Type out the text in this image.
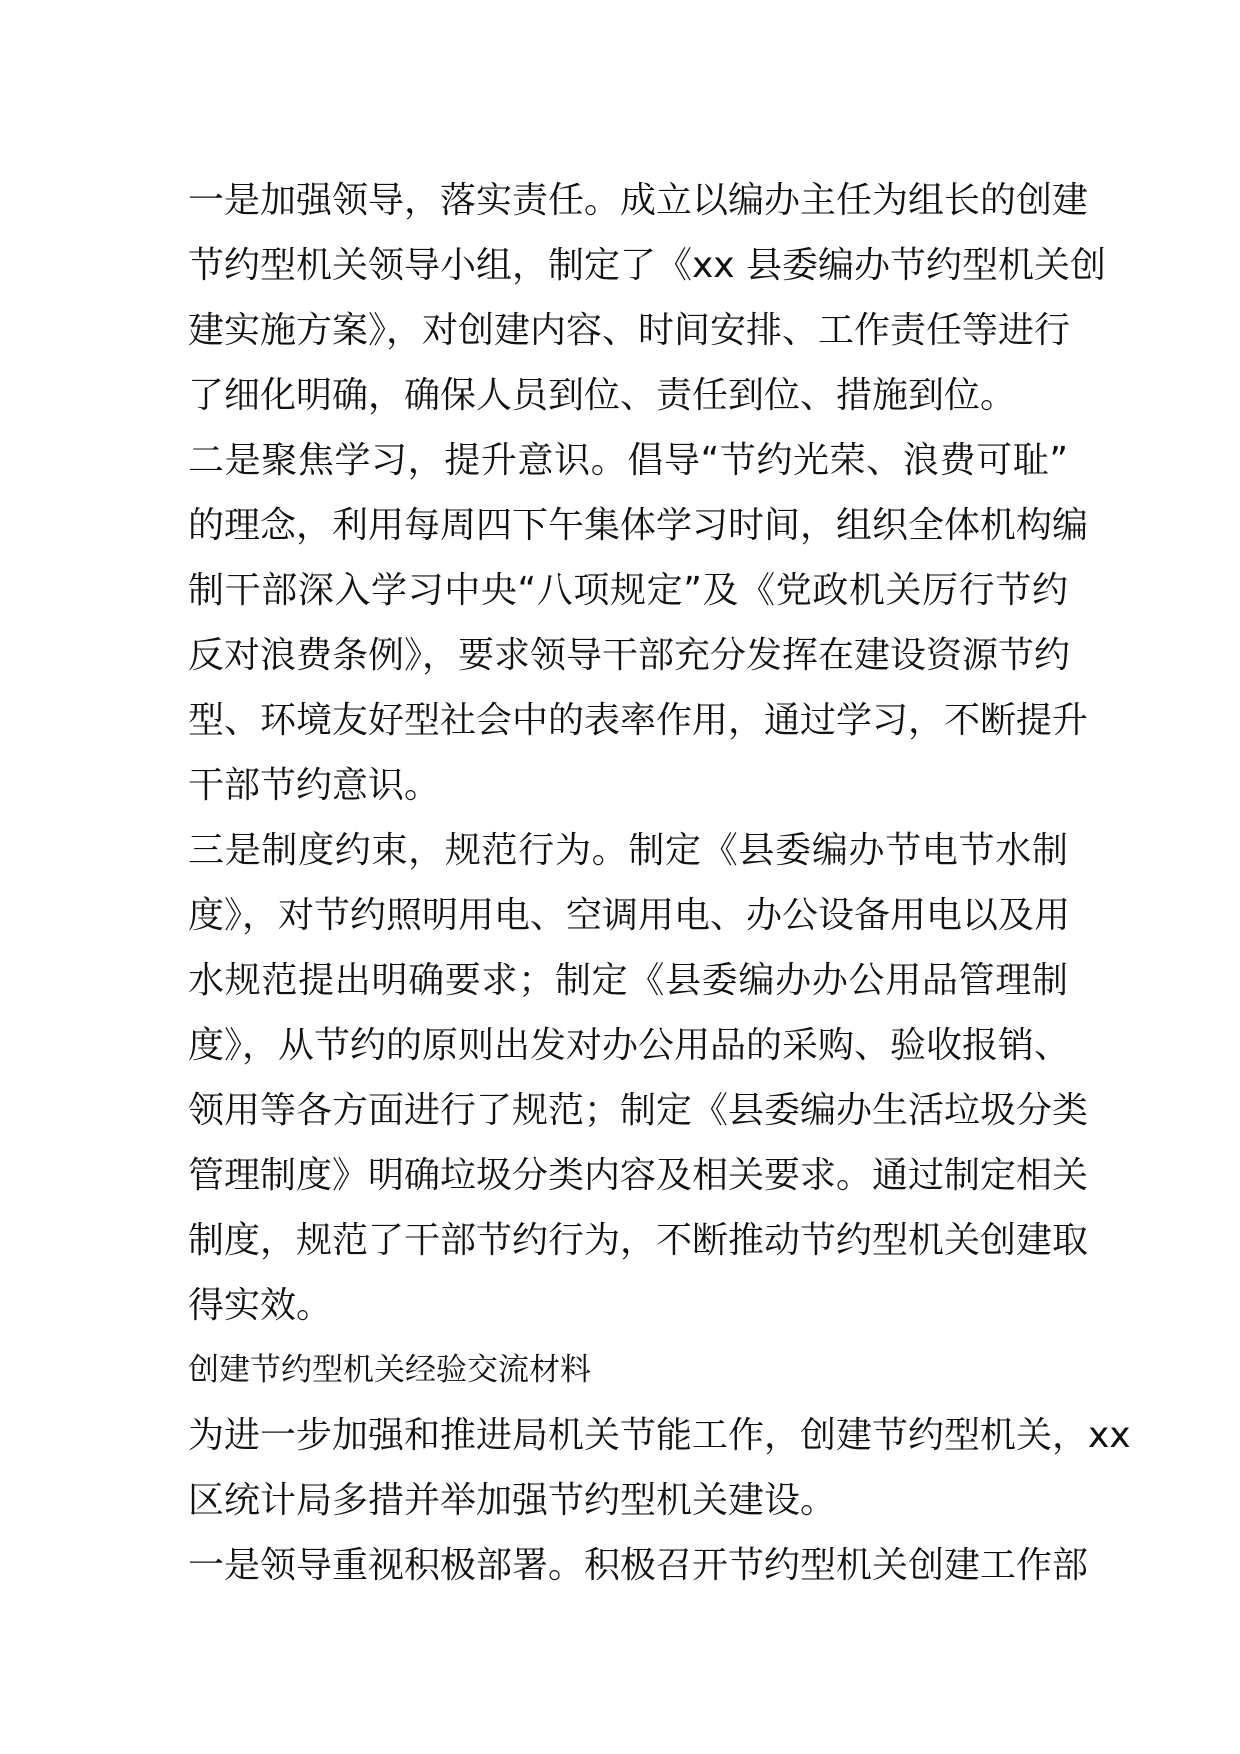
一是加强领导，落实责任。成立以编办主任为组长的创建
节约型机关领导小组，制定了《xx 县委编办节约型机关创
建实施方案》，对创建内容、时间安排、工作责任等进行
了细化明确，确保人员到位、责任到位、措施到位。
二是聚焦学习，提升意识。倡导“节约光荣、浪费可耻”
的理念，利用每周四下午集体学习时间，组织全体机构编
制干部深入学习中央“八项规定”及《党政机关厉行节约
反对浪费条例》，要求领导干部充分发挥在建设资源节约
型、环境友好型社会中的表率作用，通过学习，不断提升
干部节约意识。
三是制度约束，规范行为。制定《县委编办节电节水制
度》，对节约照明用电、空调用电、办公设备用电以及用
水规范提出明确要求；制定《县委编办办公用品管理制
度》，从节约的原则出发对办公用品的采购、验收报销、
领用等各方面进行了规范；制定《县委编办生活垃圾分类
管理制度》明确垃圾分类内容及相关要求。通过制定相关
制度，规范了干部节约行为，不断推动节约型机关创建取
得实效。
创建节约型机关经验交流材料
为进一步加强和推进局机关节能工作，创建节约型机关，xx
区统计局多措并举加强节约型机关建设。
一是领导重视积极部署。积极召开节约型机关创建工作部
